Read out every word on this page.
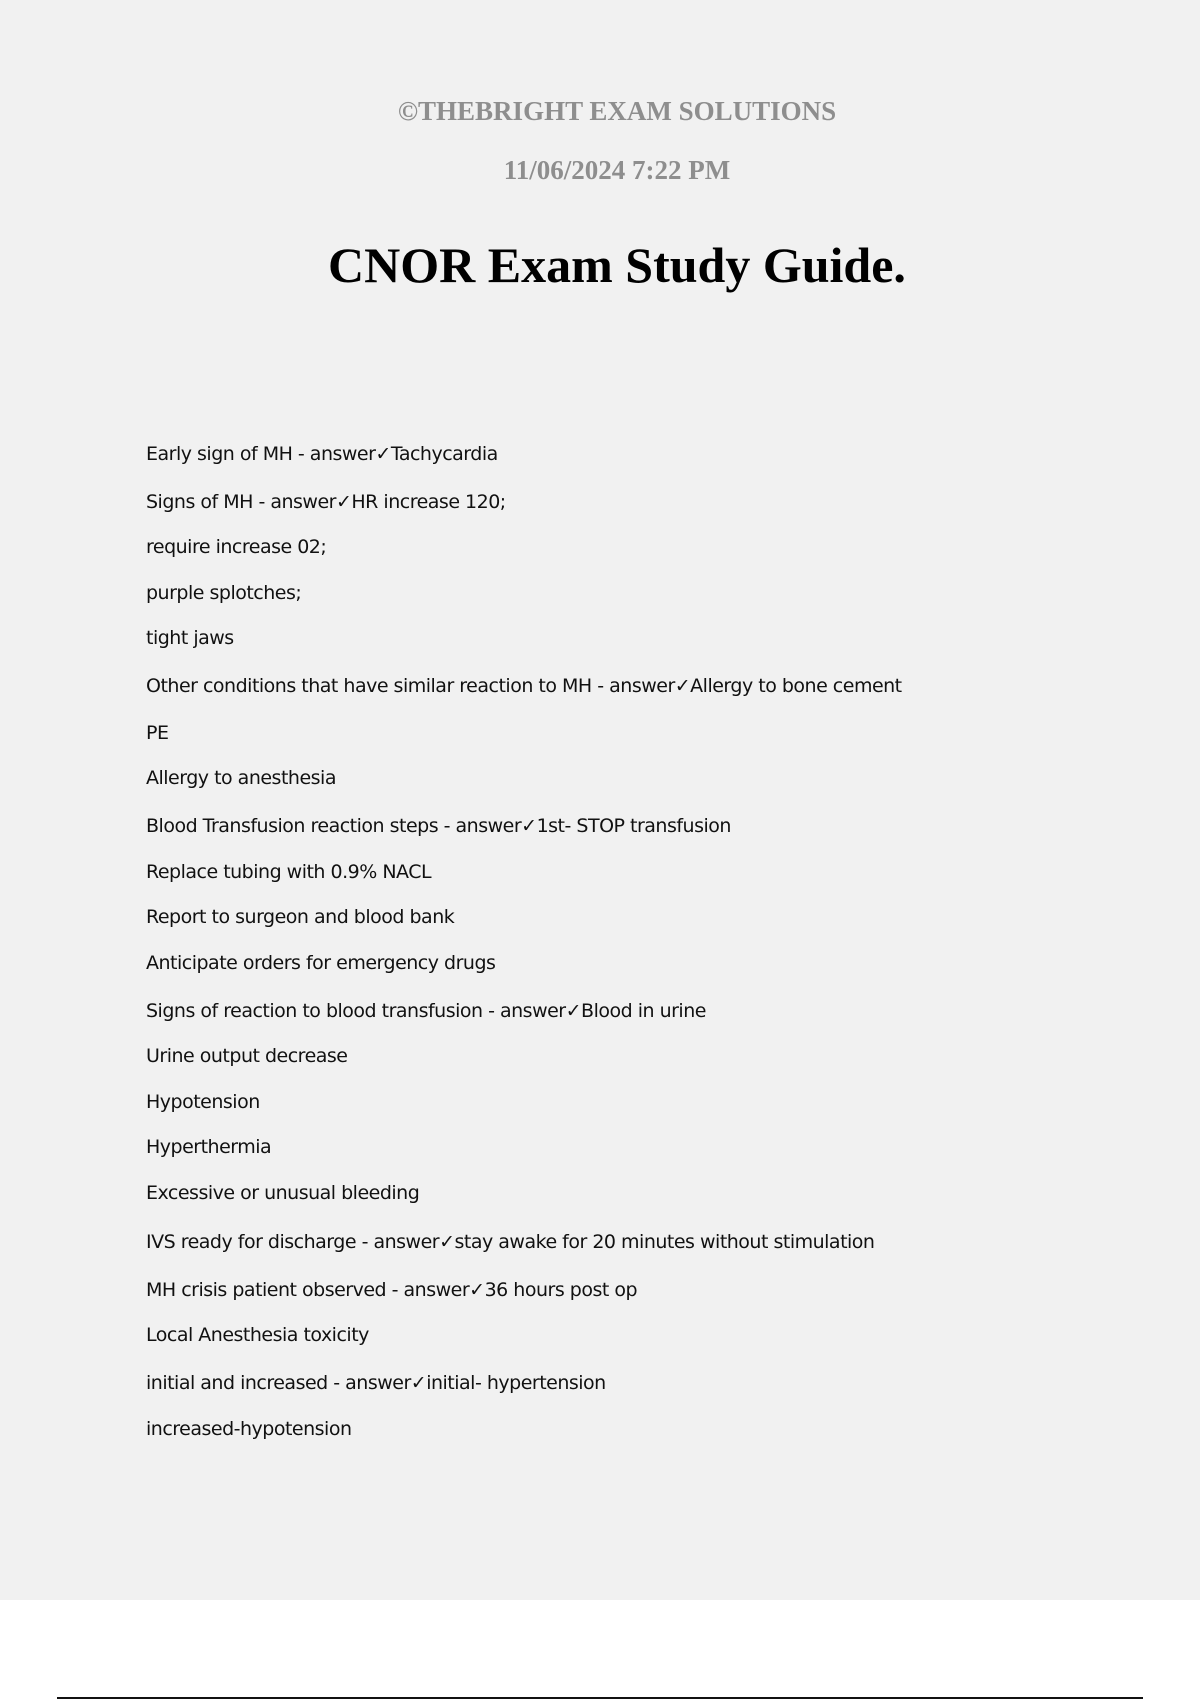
©THEBRIGHT EXAM SOLUTIONS
11/06/2024 7:22 PM
CNOR Exam Study Guide.
Early sign of MH - answer✓Tachycardia
Signs of MH - answer✓HR increase 120;
require increase 02;
purple splotches;
tight jaws
Other conditions that have similar reaction to MH - answer✓Allergy to bone cement
PE
Allergy to anesthesia
Blood Transfusion reaction steps - answer✓1st- STOP transfusion
Replace tubing with 0.9% NACL
Report to surgeon and blood bank
Anticipate orders for emergency drugs
Signs of reaction to blood transfusion - answer✓Blood in urine
Urine output decrease
Hypotension
Hyperthermia
Excessive or unusual bleeding
IVS ready for discharge - answer✓stay awake for 20 minutes without stimulation
MH crisis patient observed - answer✓36 hours post op
Local Anesthesia toxicity
initial and increased - answer✓initial- hypertension
increased-hypotension
